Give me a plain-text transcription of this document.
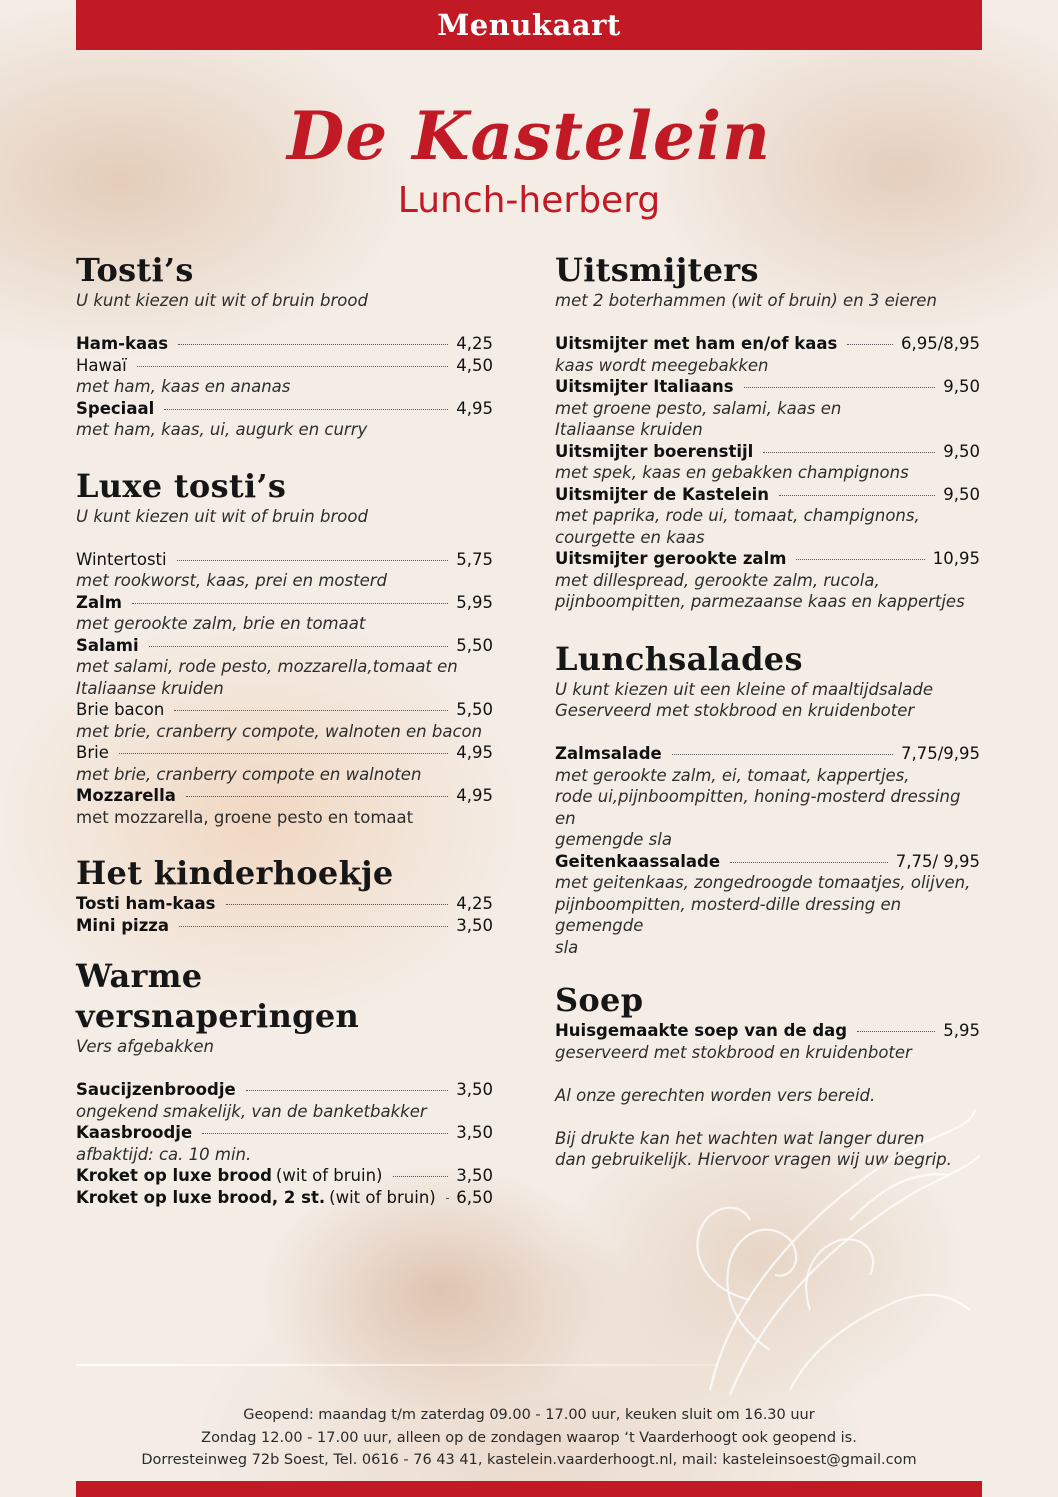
Menukaart
De Kastelein
Lunch-herberg
Tosti’s

U kunt kiezen uit wit of bruin brood

Ham-kaas	4,25
Hawaï	4,50

met ham, kaas en ananas

Speciaal	4,95

met ham, kaas, ui, augurk en curry

Luxe tosti’s

U kunt kiezen uit wit of bruin brood

Wintertosti	5,75

met rookworst, kaas, prei en mosterd

Zalm	5,95

met gerookte zalm, brie en tomaat

Salami	5,50

met salami, rode pesto, mozzarella,tomaat en

Italiaanse kruiden

Brie bacon	5,50

met brie, cranberry compote, walnoten en bacon

Brie	4,95

met brie, cranberry compote en walnoten

Mozzarella	4,95

met mozzarella, groene pesto en tomaat

Het kinderhoekje
Tosti ham-kaas	4,25
Mini pizza	3,50
Warme versnaperingen

Vers afgebakken

Saucijzenbroodje	3,50

ongekend smakelijk, van de banketbakker

Kaasbroodje	3,50

afbaktijd: ca. 10 min.

Kroket op luxe brood (wit of bruin)	3,50
Kroket op luxe brood, 2 st. (wit of bruin) 6,50
Uitsmijters

met 2 boterhammen (wit of bruin) en 3 eieren

Uitsmijter met ham en/of kaas	6,95/8,95

kaas wordt meegebakken

Uitsmijter Italiaans	9,50

met groene pesto, salami, kaas en

Italiaanse kruiden

Uitsmijter boerenstijl	9,50

met spek, kaas en gebakken champignons

Uitsmijter de Kastelein	9,50

met paprika, rode ui, tomaat, champignons,

courgette en kaas

Uitsmijter gerookte zalm	10,95

met dillespread, gerookte zalm, rucola,

pijnboompitten, parmezaanse kaas en kappertjes

Lunchsalades

U kunt kiezen uit een kleine of maaltijdsalade

Geserveerd met stokbrood en kruidenboter

Zalmsalade	7,75/9,95

met gerookte zalm, ei, tomaat, kappertjes,

rode ui,pijnboompitten, honing-mosterd dressing en

gemengde sla

Geitenkaassalade	7,75/ 9,95

met geitenkaas, zongedroogde tomaatjes, olijven,

pijnboompitten, mosterd-dille dressing en gemengde

sla

Soep
Huisgemaakte soep van de dag	5,95

geserveerd met stokbrood en kruidenboter

Al onze gerechten worden vers bereid.

Bij drukte kan het wachten wat langer duren

dan gebruikelijk. Hiervoor vragen wij uw begrip.

Geopend: maandag t/m zaterdag 09.00 - 17.00 uur, keuken sluit om 16.30 uur
Zondag 12.00 - 17.00 uur, alleen op de zondagen waarop ‘t Vaarderhoogt ook geopend is.
Dorresteinweg 72b Soest, Tel. 0616 - 76 43 41, kastelein.vaarderhoogt.nl, mail: kasteleinsoest@gmail.com
